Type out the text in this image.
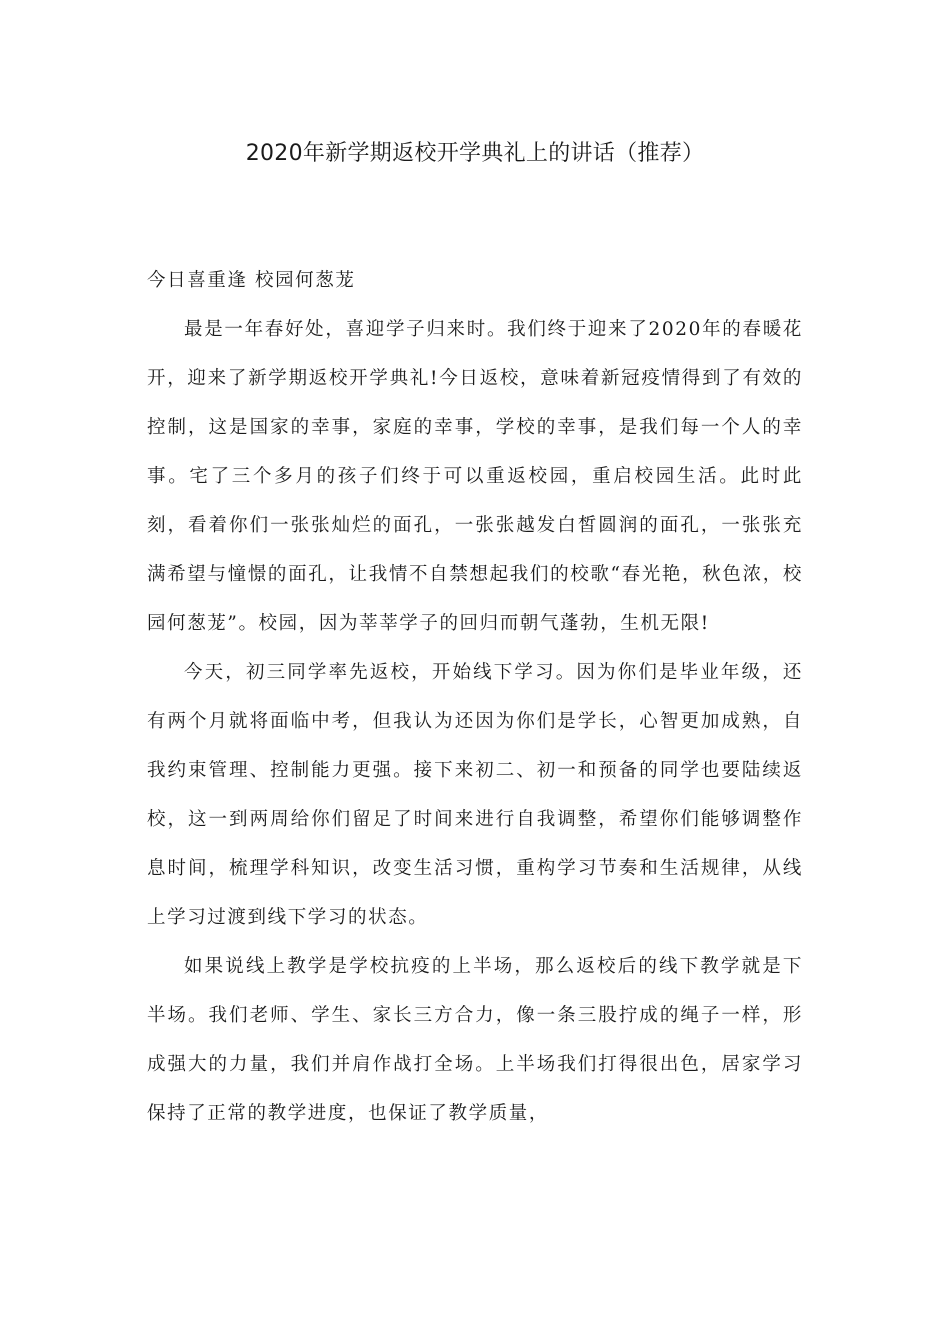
2020年新学期返校开学典礼上的讲话（推荐）

今日喜重逢 校园何葱茏

最是一年春好处，喜迎学子归来时。我们终于迎来了2020年的春暖花开，迎来了新学期返校开学典礼!今日返校，意味着新冠疫情得到了有效的控制，这是国家的幸事，家庭的幸事，学校的幸事，是我们每一个人的幸事。宅了三个多月的孩子们终于可以重返校园，重启校园生活。此时此刻，看着你们一张张灿烂的面孔，一张张越发白皙圆润的面孔，一张张充满希望与憧憬的面孔，让我情不自禁想起我们的校歌“春光艳，秋色浓，校园何葱茏”。校园，因为莘莘学子的回归而朝气蓬勃，生机无限!

今天，初三同学率先返校，开始线下学习。因为你们是毕业年级，还有两个月就将面临中考，但我认为还因为你们是学长，心智更加成熟，自我约束管理、控制能力更强。接下来初二、初一和预备的同学也要陆续返校，这一到两周给你们留足了时间来进行自我调整，希望你们能够调整作息时间，梳理学科知识，改变生活习惯，重构学习节奏和生活规律，从线上学习过渡到线下学习的状态。

如果说线上教学是学校抗疫的上半场，那么返校后的线下教学就是下半场。我们老师、学生、家长三方合力，像一条三股拧成的绳子一样，形成强大的力量，我们并肩作战打全场。上半场我们打得很出色，居家学习保持了正常的教学进度，也保证了教学质量，
